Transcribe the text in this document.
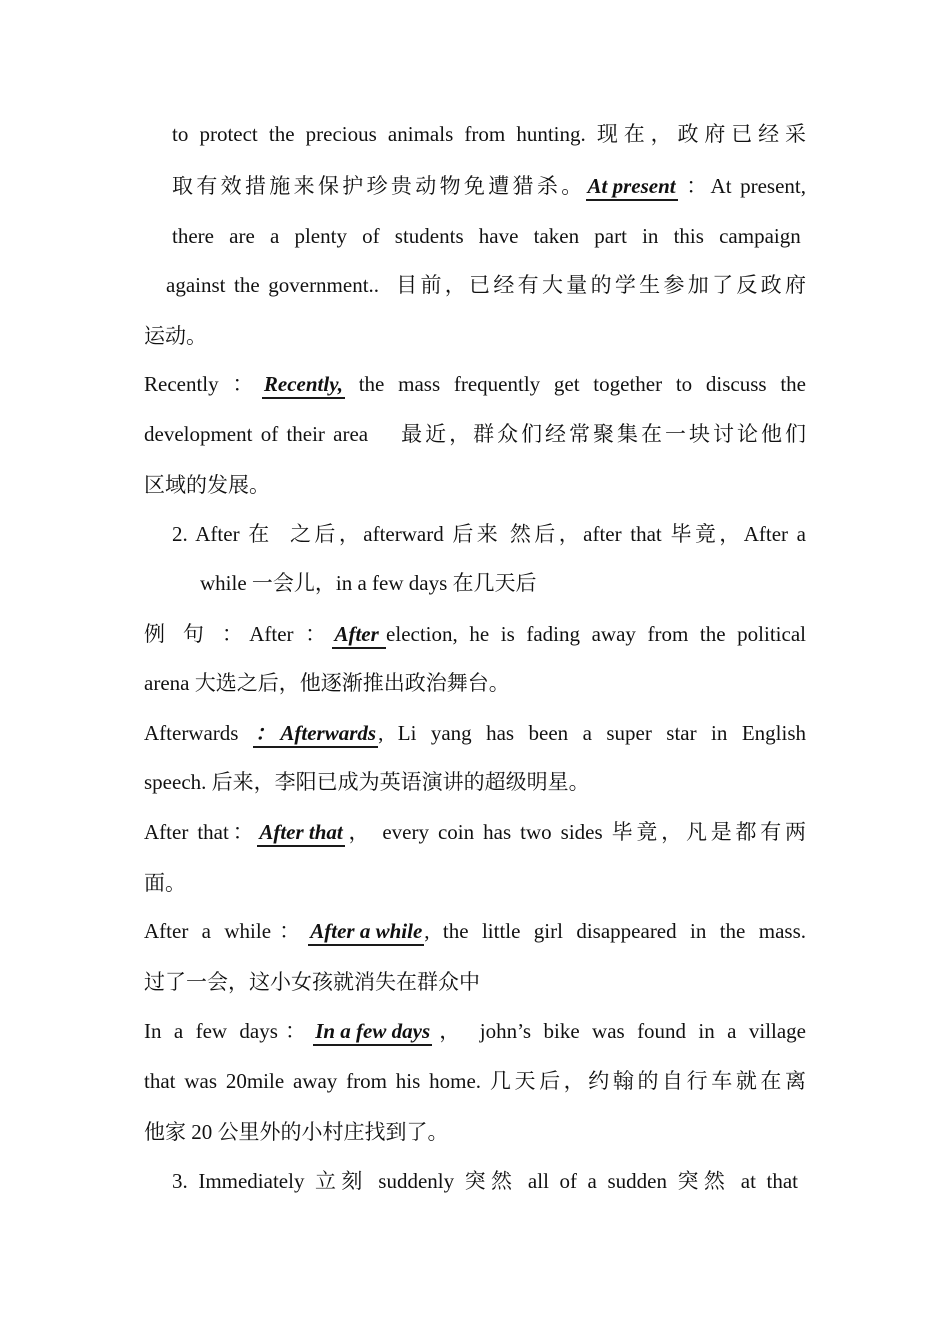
to protect the precious animals from hunting. 现在，政府已经采
取有效措施来保护珍贵动物免遭猎杀。At present ：At present,
there are a plenty of students have taken part in this campaign
against the government..  目前，已经有大量的学生参加了反政府
运动。
Recently ：Recently, the mass frequently get together to discuss the
development of their area    最近，群众们经常聚集在一块讨论他们
区域的发展。
2. After 在  之后，afterward 后来 然后，after that 毕竟，After a
while 一会儿，in a few days 在几天后
例 句 ：After ：After election, he is fading away from the political
arena 大选之后，他逐渐推出政治舞台。
Afterwards ： Afterwards, Li yang has been a super star in English
speech. 后来，李阳已成为英语演讲的超级明星。
After that：After that， every coin has two sides 毕竟，凡是都有两
面。
After a while：After a while, the little girl disappeared in the mass.
过了一会，这小女孩就消失在群众中
In a few days：In a few days， john’s bike was found in a village
that was 20mile away from his home. 几天后，约翰的自行车就在离
他家 20 公里外的小村庄找到了。
3. Immediately 立刻 suddenly 突然 all of a sudden 突然 at that
